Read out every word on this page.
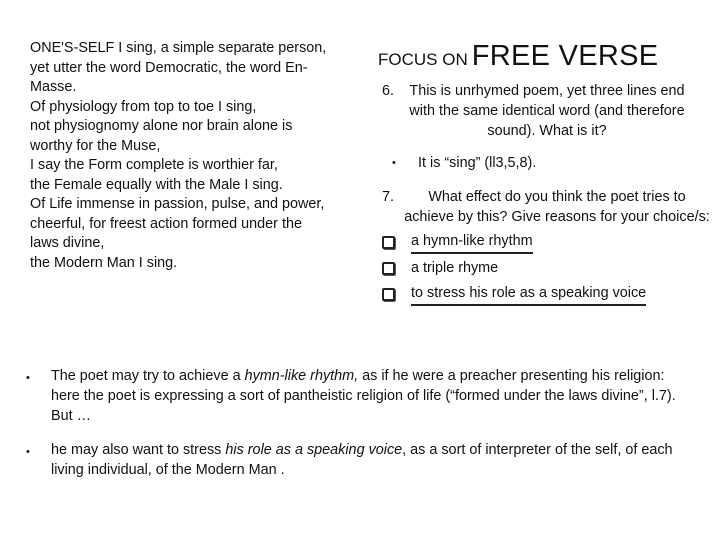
ONE'S-SELF I sing, a simple separate person,
yet utter the word Democratic, the word En-
Masse.
Of physiology from top to toe I sing,
not physiognomy alone nor brain alone is
worthy for the Muse,
I say the Form complete is worthier far,
the Female equally with the Male I sing.
Of Life immense in passion, pulse, and power,
cheerful, for freest action formed under the
laws divine,
the Modern Man I sing.
FOCUS ON FREE VERSE
6.	This is unrhymed poem, yet three lines end with the same identical word (and therefore sound). What is it?
•	It is “sing” (ll3,5,8).
7.	What effect do you think the poet tries to achieve by this? Give reasons for your choice/s:
a hymn-like rhythm
a triple rhyme
to stress his role as a speaking voice
•	The poet may try to achieve a hymn-like rhythm, as if he were a preacher presenting his religion: here the poet is expressing a sort of pantheistic religion of life (“formed under the laws divine”, l.7). But …
•	he may also want to stress his role as a speaking voice, as a sort of interpreter of the self, of each living individual, of the Modern Man .
